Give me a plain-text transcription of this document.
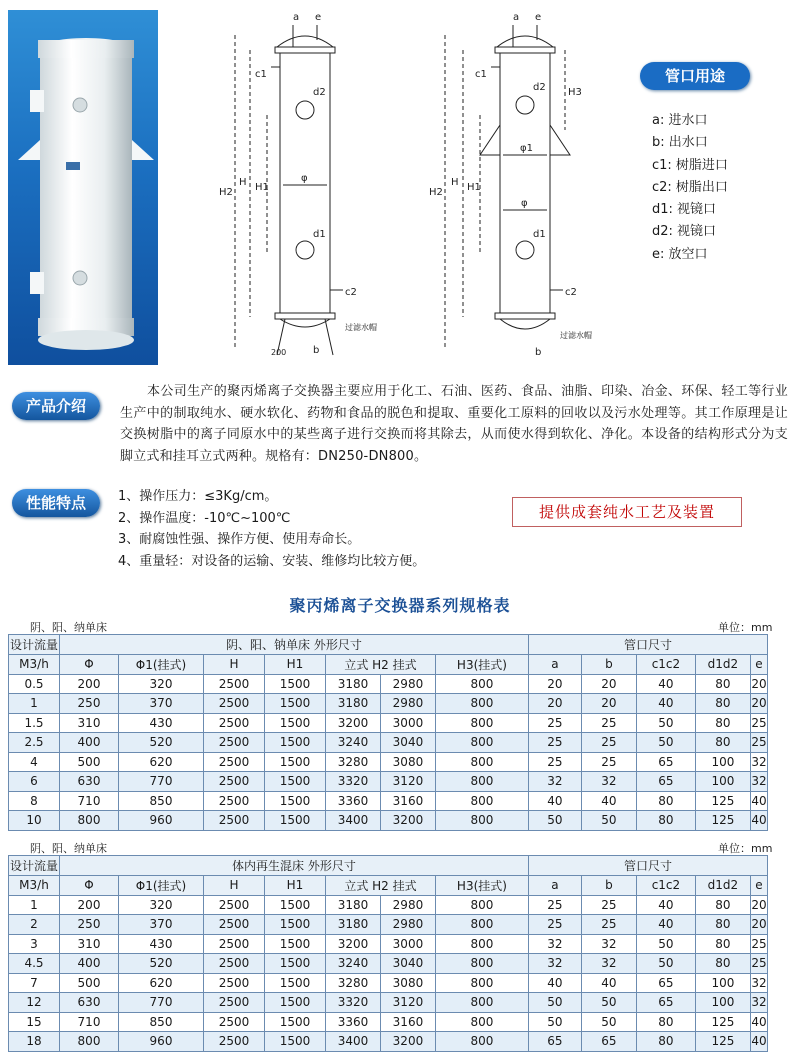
a e
c1
d2
d1
c2
H2
H H1
φ
200	b
过滤水帽
a e
c1
d2
d1
c2
H2
H H1
H3
φ1
φ
b
过滤水帽
管口用途
a: 进水口
b: 出水口
c1: 树脂进口
c2: 树脂出口
d1: 视镜口
d2: 视镜口
e: 放空口
产品介绍
本公司生产的聚丙烯离子交换器主要应用于化工、石油、医药、食品、油脂、印染、冶金、环保、轻工等行业生产中的制取纯水、硬水软化、药物和食品的脱色和提取、重要化工原料的回收以及污水处理等。其工作原理是让交换树脂中的离子同原水中的某些离子进行交换而将其除去，从而使水得到软化、净化。本设备的结构形式分为支脚立式和挂耳立式两种。规格有：DN250-DN800。
性能特点	1、操作压力：≤3Kg/cm。
2、操作温度：-10℃~100℃
3、耐腐蚀性强、操作方便、使用寿命长。
4、重量轻：对设备的运输、安装、维修均比较方便。
提供成套纯水工艺及装置
聚丙烯离子交换器系列规格表
阴、阳、纳单床	单位：mm
设计流量	阴、阳、钠单床 外形尺寸							管口尺寸				
M3/h	Φ	Φ1(挂式)	H	H1	立式 H2 挂式		H3(挂式)	a	b	c1c2	d1d2	e
0.5	200	320	2500	1500	3180	2980	800	20	20	40	80	20
1	250	370	2500	1500	3180	2980	800	20	20	40	80	20
1.5	310	430	2500	1500	3200	3000	800	25	25	50	80	25
2.5	400	520	2500	1500	3240	3040	800	25	25	50	80	25
4	500	620	2500	1500	3280	3080	800	25	25	65	100	32
6	630	770	2500	1500	3320	3120	800	32	32	65	100	32
8	710	850	2500	1500	3360	3160	800	40	40	80	125	40
10	800	960	2500	1500	3400	3200	800	50	50	80	125	40
阴、阳、纳单床	单位：mm
设计流量	体内再生混床 外形尺寸							管口尺寸				
M3/h	Φ	Φ1(挂式)	H	H1	立式 H2 挂式		H3(挂式)	a	b	c1c2	d1d2	e
1	200	320	2500	1500	3180	2980	800	25	25	40	80	20
2	250	370	2500	1500	3180	2980	800	25	25	40	80	20
3	310	430	2500	1500	3200	3000	800	32	32	50	80	25
4.5	400	520	2500	1500	3240	3040	800	32	32	50	80	25
7	500	620	2500	1500	3280	3080	800	40	40	65	100	32
12	630	770	2500	1500	3320	3120	800	50	50	65	100	32
15	710	850	2500	1500	3360	3160	800	50	50	80	125	40
18	800	960	2500	1500	3400	3200	800	65	65	80	125	40
